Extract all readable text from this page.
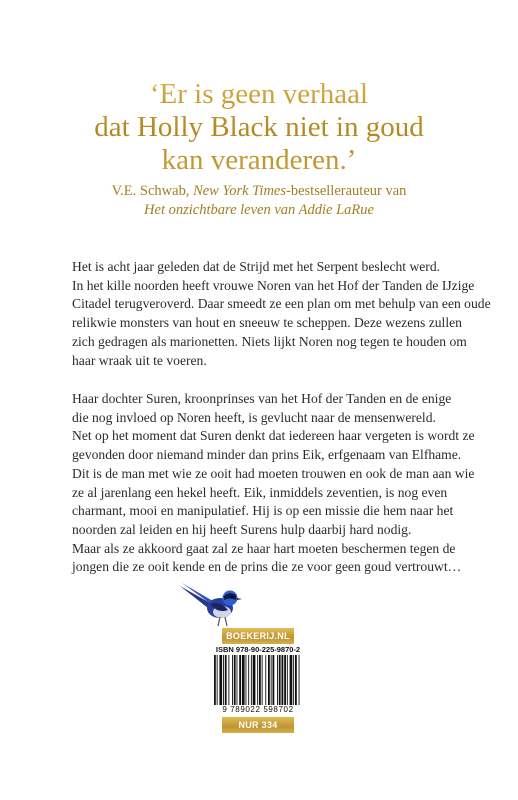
‘Er is geen verhaal
dat Holly Black niet in goud
kan veranderen.’
V.E. Schwab, New York Times-bestsellerauteur van
Het onzichtbare leven van Addie LaRue
Het is acht jaar geleden dat de Strijd met het Serpent beslecht werd.
In het kille noorden heeft vrouwe Noren van het Hof der Tanden de IJzige
Citadel terugveroverd. Daar smeedt ze een plan om met behulp van een oude
relikwie monsters van hout en sneeuw te scheppen. Deze wezens zullen
zich gedragen als marionetten. Niets lijkt Noren nog tegen te houden om
haar wraak uit te voeren.
Haar dochter Suren, kroonprinses van het Hof der Tanden en de enige
die nog invloed op Noren heeft, is gevlucht naar de mensenwereld.
Net op het moment dat Suren denkt dat iedereen haar vergeten is wordt ze
gevonden door niemand minder dan prins Eik, erfgenaam van Elfhame.
Dit is de man met wie ze ooit had moeten trouwen en ook de man aan wie
ze al jarenlang een hekel heeft. Eik, inmiddels zeventien, is nog even
charmant, mooi en manipulatief. Hij is op een missie die hem naar het
noorden zal leiden en hij heeft Surens hulp daarbij hard nodig.
Maar als ze akkoord gaat zal ze haar hart moeten beschermen tegen de
jongen die ze ooit kende en de prins die ze voor geen goud vertrouwt…
BOEKERIJ.NL
ISBN 978-90-225-9870-2
9 789022 598702
NUR 334
